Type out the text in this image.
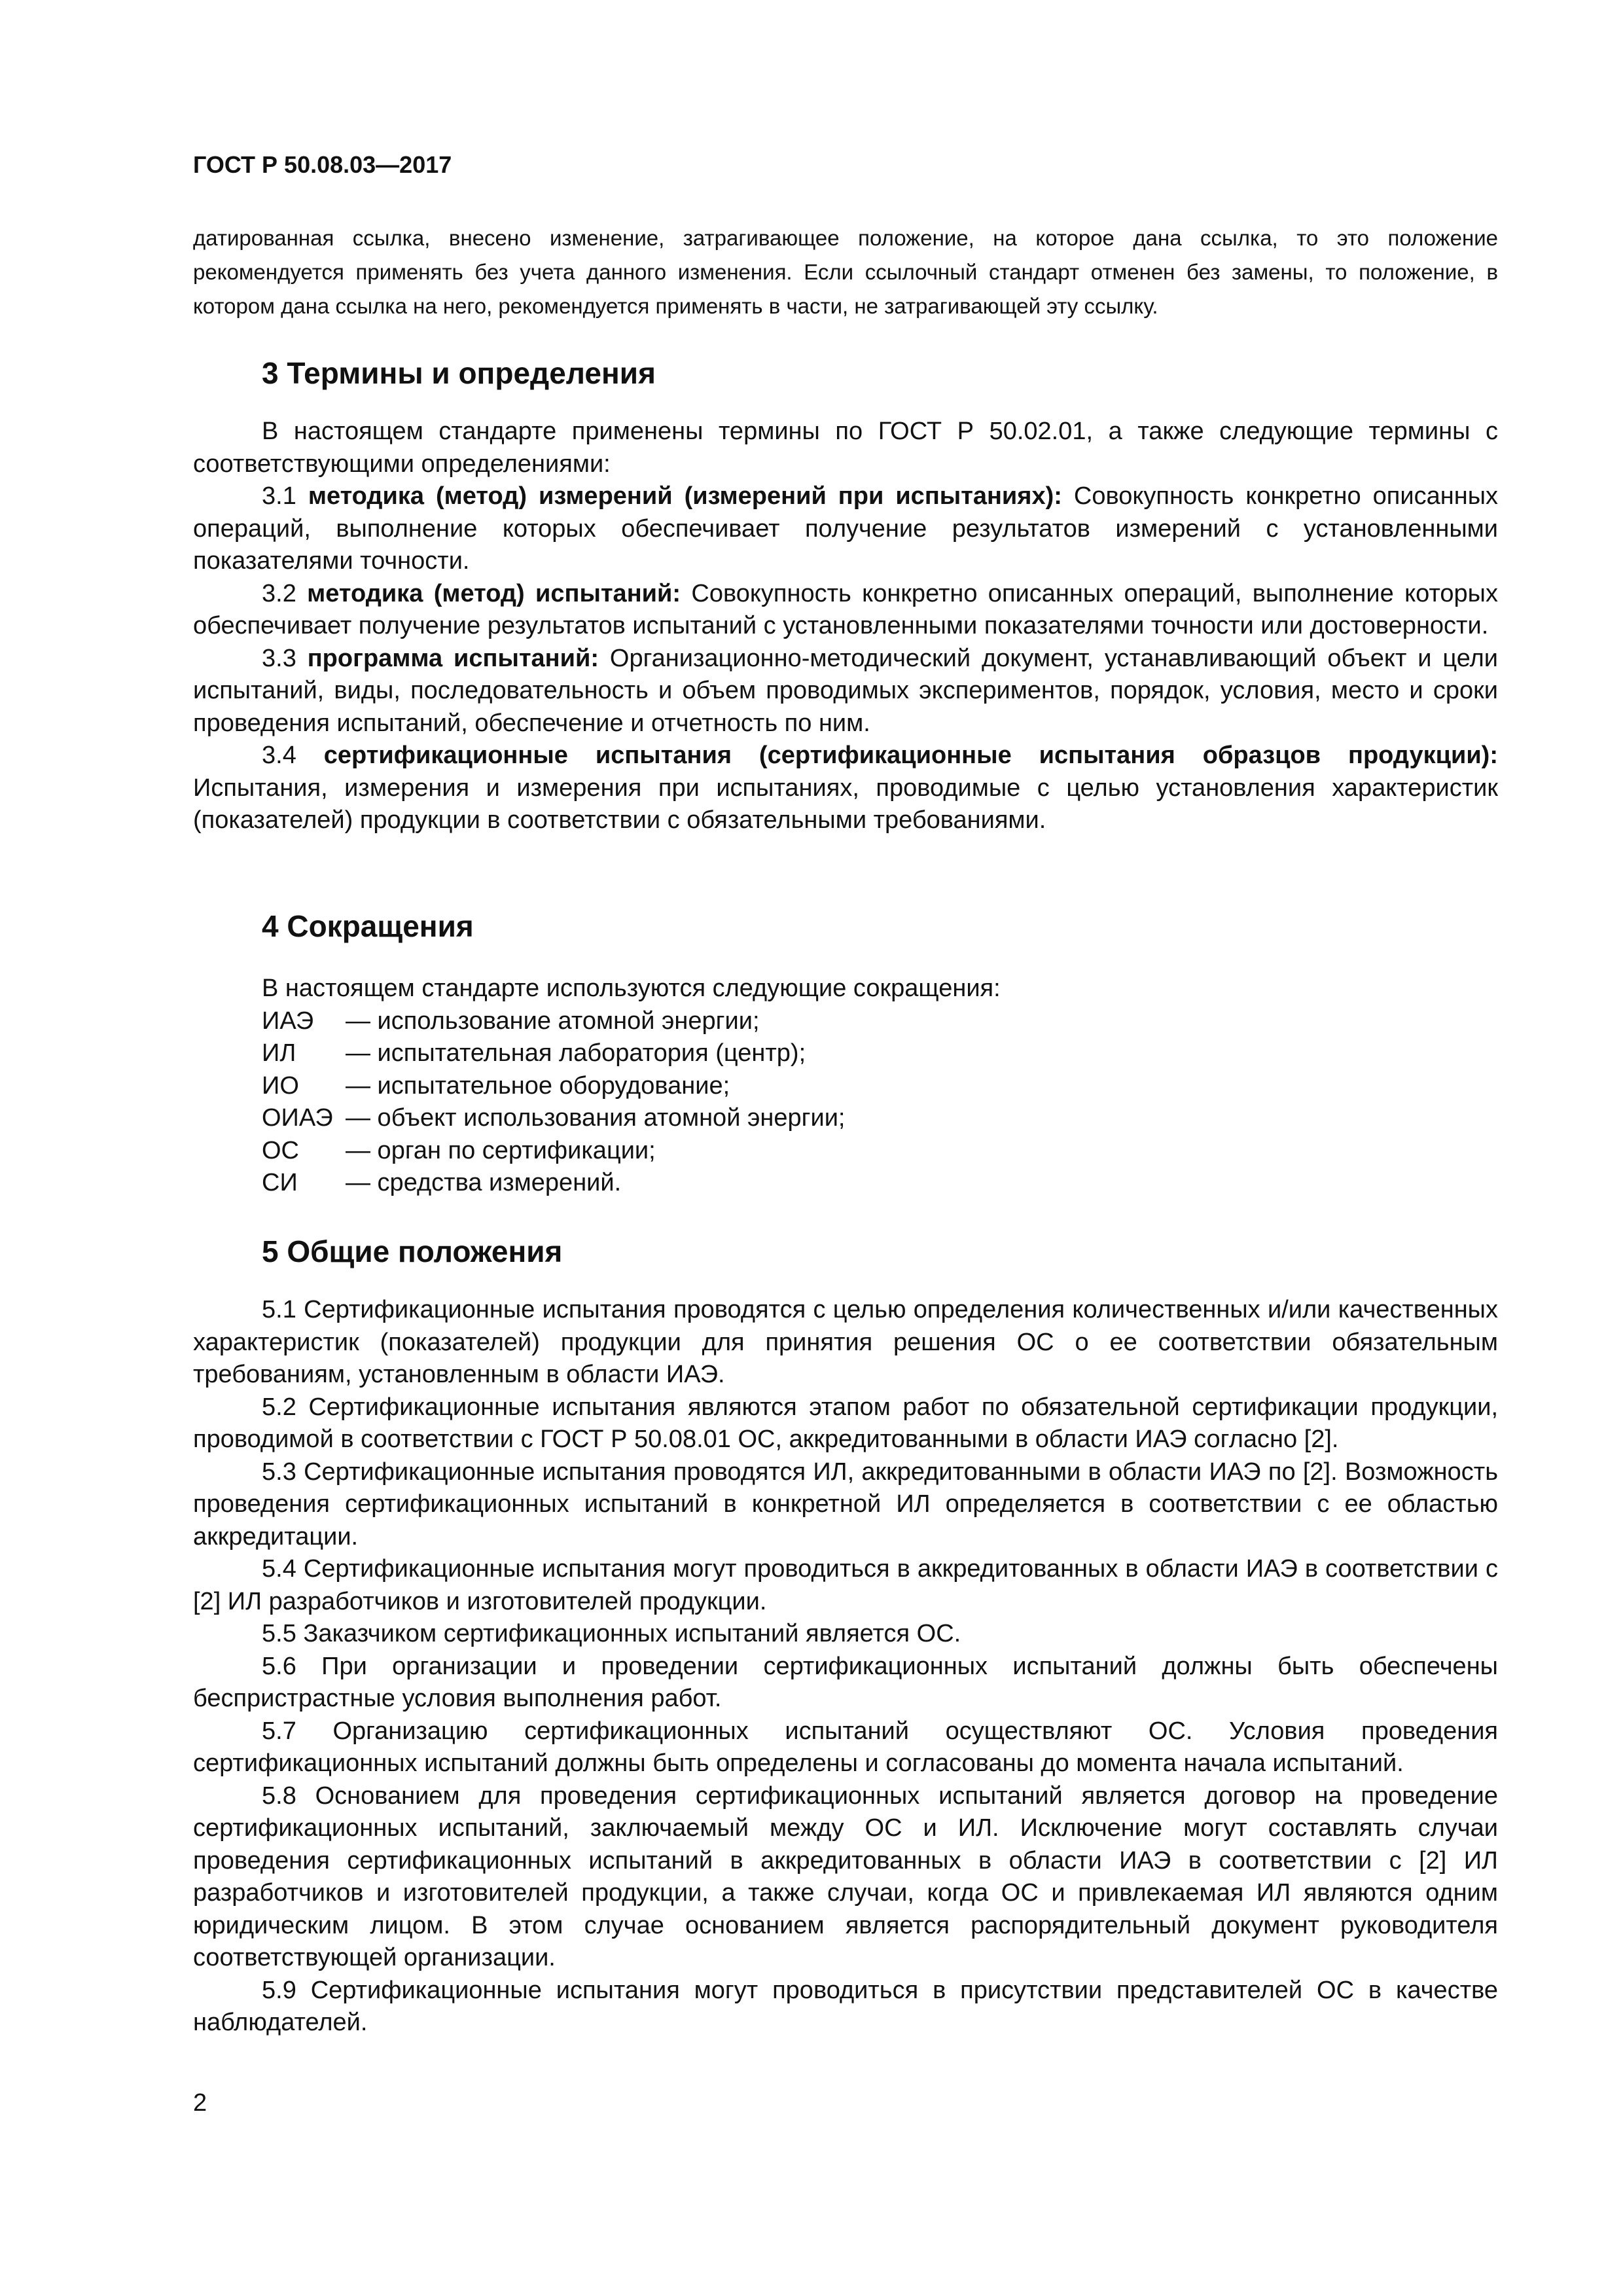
ГОСТ Р 50.08.03—2017

датированная ссылка, внесено изменение, затрагивающее положение, на которое дана ссылка, то это положение рекомендуется применять без учета данного изменения. Если ссылочный стандарт отменен без замены, то положение, в котором дана ссылка на него, рекомендуется применять в части, не затрагивающей эту ссылку.

3 Термины и определения

В настоящем стандарте применены термины по ГОСТ Р 50.02.01, а также следующие термины с соответствующими определениями:

3.1 методика (метод) измерений (измерений при испытаниях): Совокупность конкретно описанных операций, выполнение которых обеспечивает получение результатов измерений с установленными показателями точности.

3.2 методика (метод) испытаний: Совокупность конкретно описанных операций, выполнение которых обеспечивает получение результатов испытаний с установленными показателями точности или достоверности.

3.3 программа испытаний: Организационно-методический документ, устанавливающий объект и цели испытаний, виды, последовательность и объем проводимых экспериментов, порядок, условия, место и сроки проведения испытаний, обеспечение и отчетность по ним.

3.4 сертификационные испытания (сертификационные испытания образцов продукции): Испытания, измерения и измерения при испытаниях, проводимые с целью установления характеристик (показателей) продукции в соответствии с обязательными требованиями.

4 Сокращения

В настоящем стандарте используются следующие сокращения:

ИАЭ	— использование атомной энергии;
ИЛ	— испытательная лаборатория (центр);
ИО	— испытательное оборудование;
ОИАЭ — объект использования атомной энергии;
ОС	— орган по сертификации;
СИ	— средства измерений.
5 Общие положения

5.1 Сертификационные испытания проводятся с целью определения количественных и/или качественных характеристик (показателей) продукции для принятия решения ОС о ее соответствии обязательным требованиям, установленным в области ИАЭ.

5.2 Сертификационные испытания являются этапом работ по обязательной сертификации продукции, проводимой в соответствии с ГОСТ Р 50.08.01 ОС, аккредитованными в области ИАЭ согласно [2].

5.3 Сертификационные испытания проводятся ИЛ, аккредитованными в области ИАЭ по [2]. Возможность проведения сертификационных испытаний в конкретной ИЛ определяется в соответствии с ее областью аккредитации.

5.4 Сертификационные испытания могут проводиться в аккредитованных в области ИАЭ в соответствии с [2] ИЛ разработчиков и изготовителей продукции.

5.5 Заказчиком сертификационных испытаний является ОС.

5.6 При организации и проведении сертификационных испытаний должны быть обеспечены беспристрастные условия выполнения работ.

5.7 Организацию сертификационных испытаний осуществляют ОС. Условия проведения сертификационных испытаний должны быть определены и согласованы до момента начала испытаний.

5.8 Основанием для проведения сертификационных испытаний является договор на проведение сертификационных испытаний, заключаемый между ОС и ИЛ. Исключение могут составлять случаи проведения сертификационных испытаний в аккредитованных в области ИАЭ в соответствии с [2] ИЛ разработчиков и изготовителей продукции, а также случаи, когда ОС и привлекаемая ИЛ являются одним юридическим лицом. В этом случае основанием является распорядительный документ руководителя соответствующей организации.

5.9 Сертификационные испытания могут проводиться в присутствии представителей ОС в качестве наблюдателей.

2
